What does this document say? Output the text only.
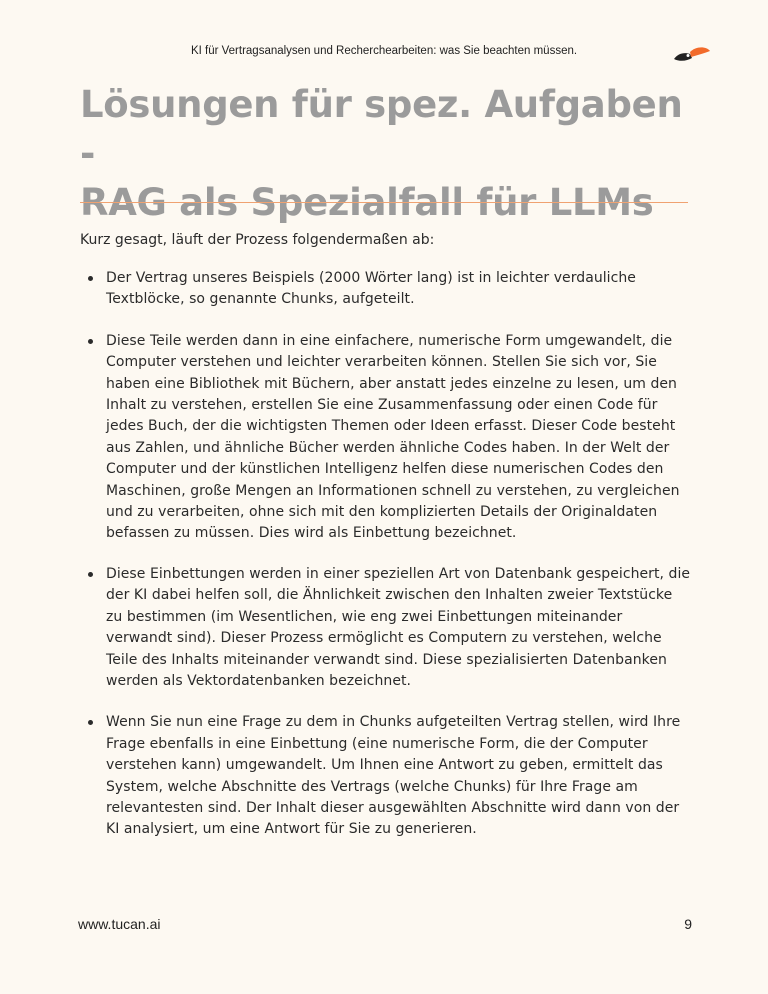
KI für Vertragsanalysen und Recherchearbeiten: was Sie beachten müssen.
Lösungen für spez. Aufgaben -
RAG als Spezialfall für LLMs
Kurz gesagt, läuft der Prozess folgendermaßen ab:
Der Vertrag unseres Beispiels (2000 Wörter lang) ist in leichter verdauliche Textblöcke, so genannte Chunks, aufgeteilt.
Diese Teile werden dann in eine einfachere, numerische Form umgewandelt, die Computer verstehen und leichter verarbeiten können. Stellen Sie sich vor, Sie haben eine Bibliothek mit Büchern, aber anstatt jedes einzelne zu lesen, um den Inhalt zu verstehen, erstellen Sie eine Zusammenfassung oder einen Code für jedes Buch, der die wichtigsten Themen oder Ideen erfasst. Dieser Code besteht aus Zahlen, und ähnliche Bücher werden ähnliche Codes haben. In der Welt der Computer und der künstlichen Intelligenz helfen diese numerischen Codes den Maschinen, große Mengen an Informationen schnell zu verstehen, zu vergleichen und zu verarbeiten, ohne sich mit den komplizierten Details der Originaldaten befassen zu müssen. Dies wird als Einbettung bezeichnet.
Diese Einbettungen werden in einer speziellen Art von Datenbank gespeichert, die der KI dabei helfen soll, die Ähnlichkeit zwischen den Inhalten zweier Textstücke zu bestimmen (im Wesentlichen, wie eng zwei Einbettungen miteinander verwandt sind). Dieser Prozess ermöglicht es Computern zu verstehen, welche Teile des Inhalts miteinander verwandt sind. Diese spezialisierten Datenbanken werden als Vektordatenbanken bezeichnet.
Wenn Sie nun eine Frage zu dem in Chunks aufgeteilten Vertrag stellen, wird Ihre Frage ebenfalls in eine Einbettung (eine numerische Form, die der Computer verstehen kann) umgewandelt. Um Ihnen eine Antwort zu geben, ermittelt das System, welche Abschnitte des Vertrags (welche Chunks) für Ihre Frage am relevantesten sind. Der Inhalt dieser ausgewählten Abschnitte wird dann von der KI analysiert, um eine Antwort für Sie zu generieren.
www.tucan.ai	9
